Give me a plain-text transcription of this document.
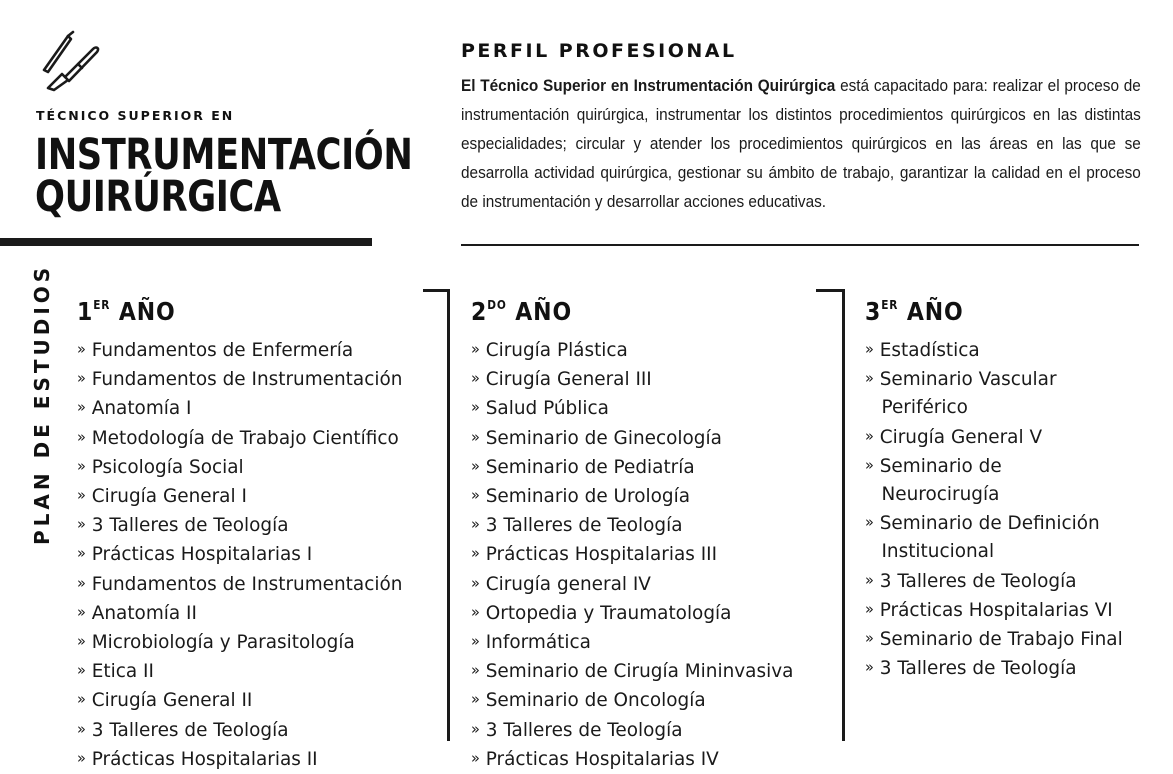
TÉCNICO SUPERIOR EN
INSTRUMENTACIÓN
QUIRÚRGICA
PERFIL PROFESIONAL

El Técnico Superior en Instrumentación Quirúrgica está capacitado para: realizar el proceso de instrumentación quirúrgica, instrumentar los distintos procedimientos quirúrgicos en las distintas especialidades; circular y atender los procedimientos quirúrgicos en las áreas en las que se desarrolla actividad quirúrgica, gestionar su ámbito de trabajo, garantizar la calidad en el proceso de instrumentación y desarrollar acciones educativas.

PLAN DE ESTUDIOS 1ER AÑO
» Fundamentos de Enfermería
» Fundamentos de Instrumentación
» Anatomía I
» Metodología de Trabajo Científico
» Psicología Social
» Cirugía General I
» 3 Talleres de Teología
» Prácticas Hospitalarias I
» Fundamentos de Instrumentación
» Anatomía II
» Microbiología y Parasitología
» Etica II
» Cirugía General II
» 3 Talleres de Teología
» Prácticas Hospitalarias II
$2^{DO}$ AÑO
» Cirugía Plástica
» Cirugía General III
» Salud Pública
» Seminario de Ginecología
» Seminario de Pediatría
» Seminario de Urología
» 3 Talleres de Teología
» Prácticas Hospitalarias III
» Cirugía general IV
» Ortopedia y Traumatología
» Informática
» Seminario de Cirugía Mininvasiva
» Seminario de Oncología
» 3 Talleres de Teología
» Prácticas Hospitalarias IV
3ER AÑO
» Estadística
» Seminario Vascular
Periférico
» Cirugía General V
» Seminario de
Neurocirugía
» Seminario de Definición
Institucional
» 3 Talleres de Teología
» Prácticas Hospitalarias VI
» Seminario de Trabajo Final
» 3 Talleres de Teología
